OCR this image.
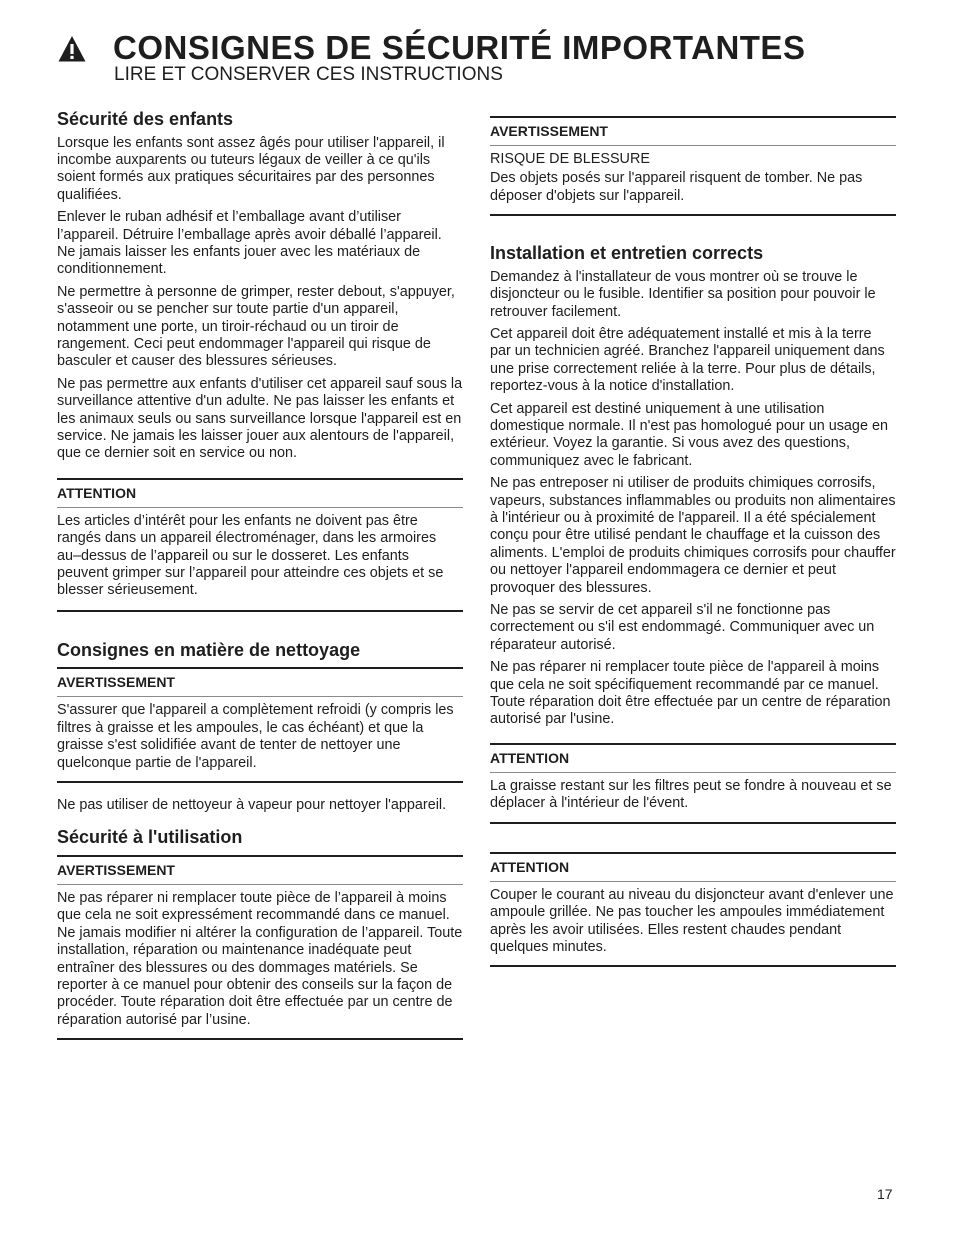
CONSIGNES DE SÉCURITÉ IMPORTANTES
LIRE ET CONSERVER CES INSTRUCTIONS
Sécurité des enfants

Lorsque les enfants sont assez âgés pour utiliser l'appareil, il incombe auxparents ou tuteurs légaux de veiller à ce qu'ils soient formés aux pratiques sécuritaires par des personnes qualifiées.

Enlever le ruban adhésif et l’emballage avant d’utiliser l’appareil. Détruire l’emballage après avoir déballé l’appareil. Ne jamais laisser les enfants jouer avec les matériaux de conditionnement.

Ne permettre à personne de grimper, rester debout, s'appuyer, s'asseoir ou se pencher sur toute partie d'un appareil, notamment une porte, un tiroir-réchaud ou un tiroir de rangement. Ceci peut endommager l'appareil qui risque de basculer et causer des blessures sérieuses.

Ne pas permettre aux enfants d'utiliser cet appareil sauf sous la surveillance attentive d'un adulte. Ne pas laisser les enfants et les animaux seuls ou sans surveillance lorsque l'appareil est en service. Ne jamais les laisser jouer aux alentours de l'appareil, que ce dernier soit en service ou non.

ATTENTION

Les articles d’intérêt pour les enfants ne doivent pas être rangés dans un appareil électroménager, dans les armoires au–dessus de l’appareil ou sur le dosseret. Les enfants peuvent grimper sur l’appareil pour atteindre ces objets et se blesser sérieusement.

Consignes en matière de nettoyage
AVERTISSEMENT

S'assurer que l'appareil a complètement refroidi (y compris les filtres à graisse et les ampoules, le cas échéant) et que la graisse s'est solidifiée avant de tenter de nettoyer une quelconque partie de l'appareil.

Ne pas utiliser de nettoyeur à vapeur pour nettoyer l'appareil.

Sécurité à l'utilisation
AVERTISSEMENT

Ne pas réparer ni remplacer toute pièce de l’appareil à moins que cela ne soit expressément recommandé dans ce manuel. Ne jamais modifier ni altérer la configuration de l’appareil. Toute installation, réparation ou maintenance inadéquate peut entraîner des blessures ou des dommages matériels. Se reporter à ce manuel pour obtenir des conseils sur la façon de procéder. Toute réparation doit être effectuée par un centre de réparation autorisé par l’usine.

AVERTISSEMENT

RISQUE DE BLESSURE

Des objets posés sur l'appareil risquent de tomber. Ne pas déposer d'objets sur l'appareil.

Installation et entretien corrects

Demandez à l'installateur de vous montrer où se trouve le disjoncteur ou le fusible. Identifier sa position pour pouvoir le retrouver facilement.

Cet appareil doit être adéquatement installé et mis à la terre par un technicien agréé. Branchez l'appareil uniquement dans une prise correctement reliée à la terre. Pour plus de détails, reportez-vous à la notice d'installation.

Cet appareil est destiné uniquement à une utilisation domestique normale. Il n'est pas homologué pour un usage en extérieur. Voyez la garantie. Si vous avez des questions, communiquez avec le fabricant.

Ne pas entreposer ni utiliser de produits chimiques corrosifs, vapeurs, substances inflammables ou produits non alimentaires à l'intérieur ou à proximité de l'appareil. Il a été spécialement conçu pour être utilisé pendant le chauffage et la cuisson des aliments. L'emploi de produits chimiques corrosifs pour chauffer ou nettoyer l'appareil endommagera ce dernier et peut provoquer des blessures.

Ne pas se servir de cet appareil s'il ne fonctionne pas correctement ou s'il est endommagé. Communiquer avec un réparateur autorisé.

Ne pas réparer ni remplacer toute pièce de l'appareil à moins que cela ne soit spécifiquement recommandé par ce manuel. Toute réparation doit être effectuée par un centre de réparation autorisé par l'usine.

ATTENTION

La graisse restant sur les filtres peut se fondre à nouveau et se déplacer à l'intérieur de l'évent.

ATTENTION

Couper le courant au niveau du disjoncteur avant d'enlever une ampoule grillée. Ne pas toucher les ampoules immédiatement après les avoir utilisées. Elles restent chaudes pendant quelques minutes.

17
